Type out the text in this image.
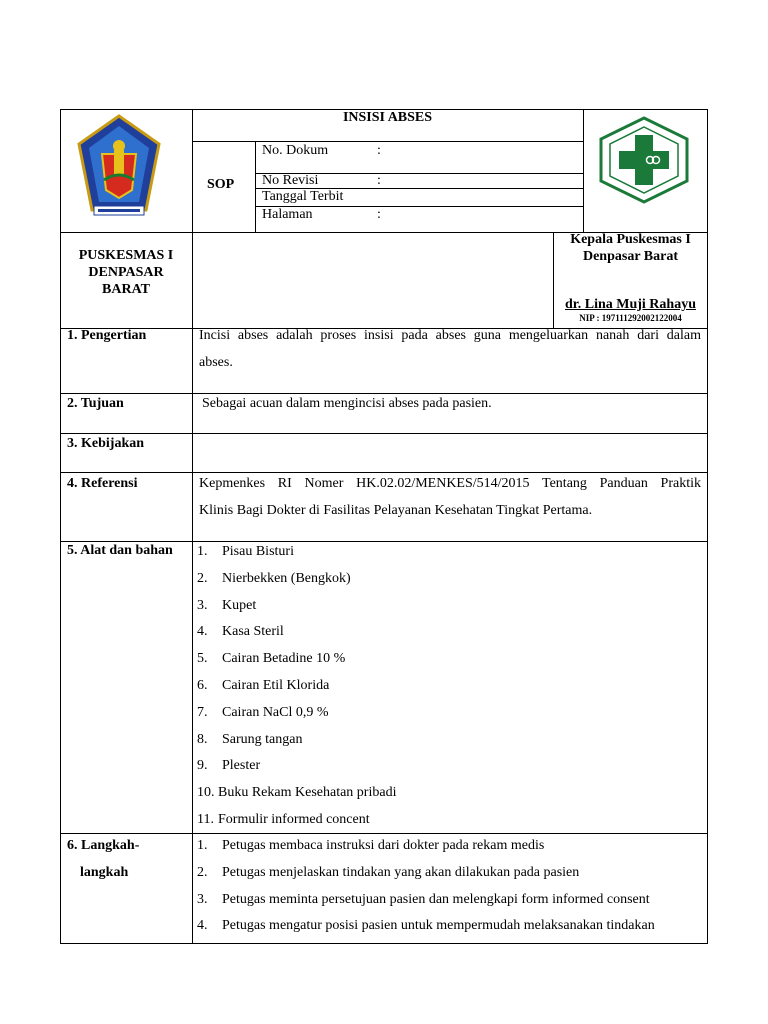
INSISI ABSES
SOP
No. Dokum	:
No Revisi	:
Tanggal Terbit
Halaman	:
PUSKESMAS I
DENPASAR
BARAT
Kepala Puskesmas I
Denpasar Barat
dr. Lina Muji Rahayu
NIP : 197111292002122004
1. Pengertian	Incisi abses adalah proses insisi pada abses guna mengeluarkan nanah dari dalam
abses.
2. Tujuan	Sebagai acuan dalam mengincisi abses pada pasien.
3. Kebijakan
4. Referensi	Kepmenkes RI Nomer HK.02.02/MENKES/514/2015 Tentang Panduan Praktik
Klinis Bagi Dokter di Fasilitas Pelayanan Kesehatan Tingkat Pertama.
5. Alat dan bahan 1. Pisau Bisturi
2. Nierbekken (Bengkok)
3. Kupet
4. Kasa Steril
5. Cairan Betadine 10 %
6. Cairan Etil Klorida
7. Cairan NaCl 0,9 %
8. Sarung tangan
9. Plester
10. Buku Rekam Kesehatan pribadi
11. Formulir informed concent
6. Langkah-
langkah
1. Petugas membaca instruksi dari dokter pada rekam medis
2. Petugas menjelaskan tindakan yang akan dilakukan pada pasien
3. Petugas meminta persetujuan pasien dan melengkapi form informed consent
4. Petugas mengatur posisi pasien untuk mempermudah melaksanakan tindakan
